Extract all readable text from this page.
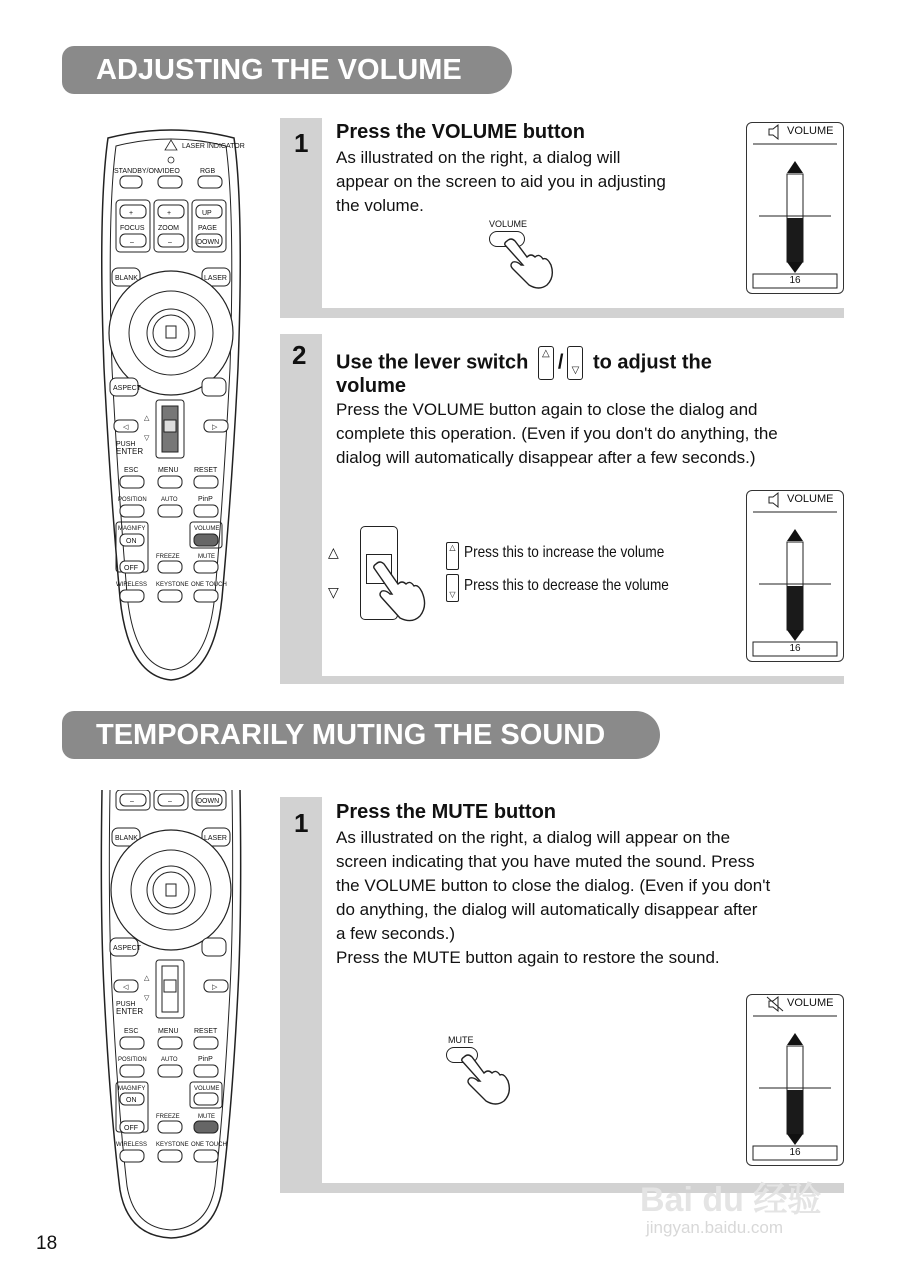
ADJUSTING THE VOLUME
LASER INDICATOR
STANDBY/ON VIDEO	RGB
+	+	UP
FOCUS ZOOM	PAGE
–	–	DOWN
BLANK	LASER
ASPECT
◁	▷
△
▽
PUSH
ENTER
ESC	MENU RESET
POSITION AUTO	PinP
MAGNIFY	VOLUME
ON
FREEZE	MUTE
OFF
WIRELESS KEYSTONE ONE TOUCH
1 Press the VOLUME button
As illustrated on the right, a dialog will
appear on the screen to aid you in adjusting
the volume.
VOLUME
VOLUME
16
2 Use the lever switch △ / ▽ to adjust the
volume
Press the VOLUME button again to close the dialog and
complete this operation. (Even if you don't do anything, the
dialog will automatically disappear after a few seconds.)
△
▽
△ Press this to increase the volume
▽
Press this to decrease the volume
VOLUME
16
TEMPORARILY MUTING THE SOUND
–	–	DOWN
BLANK	LASER
ASPECT
◁	▷
△
▽
PUSH
ENTER
ESC	MENU RESET
POSITION AUTO	PinP
MAGNIFY	VOLUME
ON
FREEZE	MUTE
OFF
WIRELESS KEYSTONE ONE TOUCH
1 Press the MUTE button
As illustrated on the right, a dialog will appear on the
screen indicating that you have muted the sound. Press
the VOLUME button to close the dialog. (Even if you don't
do anything, the dialog will automatically disappear after
a few seconds.)
Press the MUTE button again to restore the sound.
MUTE
VOLUME
16
Bai du 经验
jingyan.baidu.com
18
